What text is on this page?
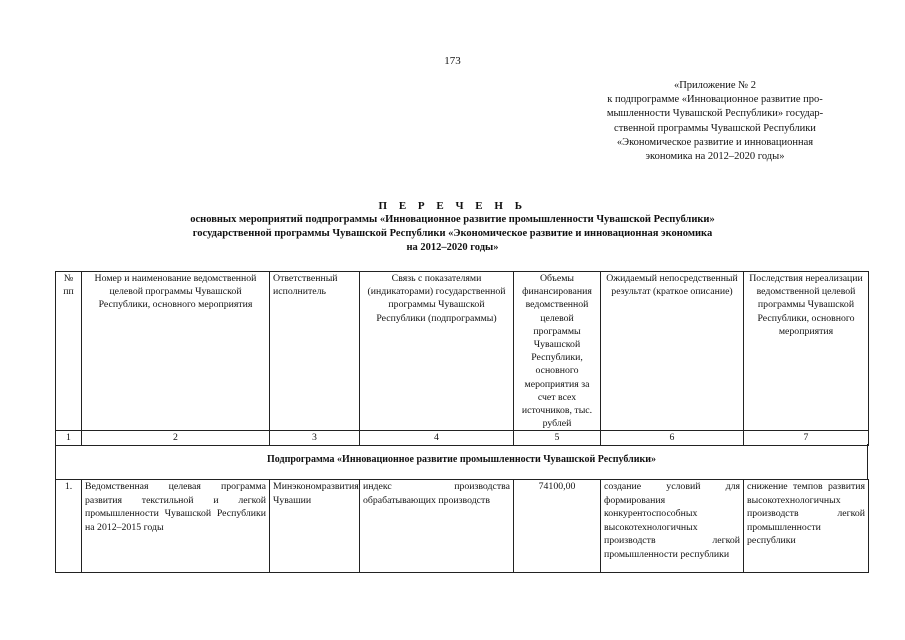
173
«Приложение № 2
к подпрограмме «Инновационное развитие про-
мышленности Чувашской Республики» государ-
ственной программы Чувашской Республики
«Экономическое развитие и инновационная
экономика на 2012–2020 годы»
П Е Р Е Ч Е Н Ь
основных мероприятий подпрограммы «Инновационное развитие промышленности Чувашской Республики»
государственной программы Чувашской Республики «Экономическое развитие и инновационная экономика
на 2012–2020 годы»
№ пп	Номер и наименование ведомственной целевой программы Чувашской Республики, основного мероприятия	Ответственный исполнитель	Связь с показателями (индикаторами) государственной программы Чувашской Республики (подпрограммы)	Объемы финансирования ведомственной целевой программы Чувашской Республики, основного мероприятия за счет всех источников, тыс. рублей	Ожидаемый непосредственный результат (краткое описание)	Последствия нереализации ведомственной целевой программы Чувашской Республики, основного мероприятия
1	2	3	4	5	6	7
Подпрограмма «Инновационное развитие промышленности Чувашской Республики»
1.	Ведомственная целевая программа развития текстильной и легкой промышленности Чувашской Республики на 2012–2015 годы	Минэкономразвития Чувашии	индекс производства обрабатывающих производств	74100,00	создание условий для формирования конкурентоспособных высокотехнологичных производств легкой промышленности республики	снижение темпов развития высокотехнологичных производств легкой промышленности республики
